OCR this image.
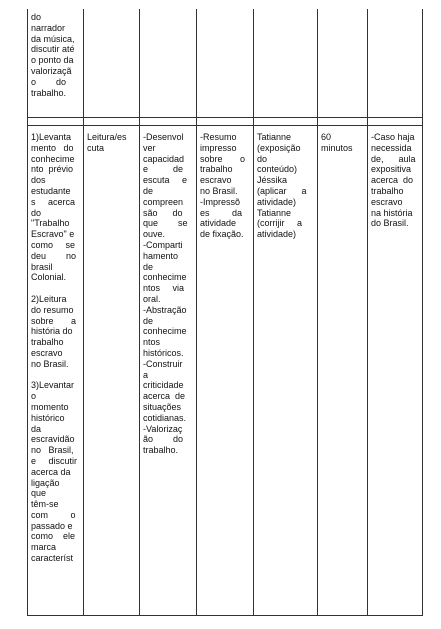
do
narrador
da música,
discutir até
o ponto da
valorizaçã
o        do
trabalho.
1)Levanta
mento   do
conhecime
nto  prévio
dos
estudante
s     acerca
do
"Trabalho
Escravo" e
como     se
deu        no
brasil
Colonial.
2)Leitura
do resumo
sobre       a
história do
trabalho
escravo
no Brasil.
3)Levantar
o
momento
histórico
da
escravidão
no   Brasil,
e     discutir
acerca da
ligação
que
têm-se
com         o
passado e
como    ele
marca
característ
Leitura/es
cuta
-Desenvol
ver
capacidad
e          de
escuta     e
de
compreen
são      do
que        se
ouve.
-Comparti
hamento
de
conhecime
ntos     via
oral.
-Abstração
de
conhecime
ntos
históricos.
-Construir
a
criticidade
acerca  de
situações
cotidianas.
-Valorizaç
ão        do
trabalho.
-Resumo
impresso
sobre       o
trabalho
escravo
no Brasil.
-Impressõ
es         da
atividade
de fixação.
Tatianne
(exposição
do
conteúdo)
Jéssika
(aplicar      a
atividade)
Tatianne
(corrijir     a
atividade)
60
minutos
-Caso haja
necessida
de,      aula
expositiva
acerca  do
trabalho
escravo
na história
do Brasil.
